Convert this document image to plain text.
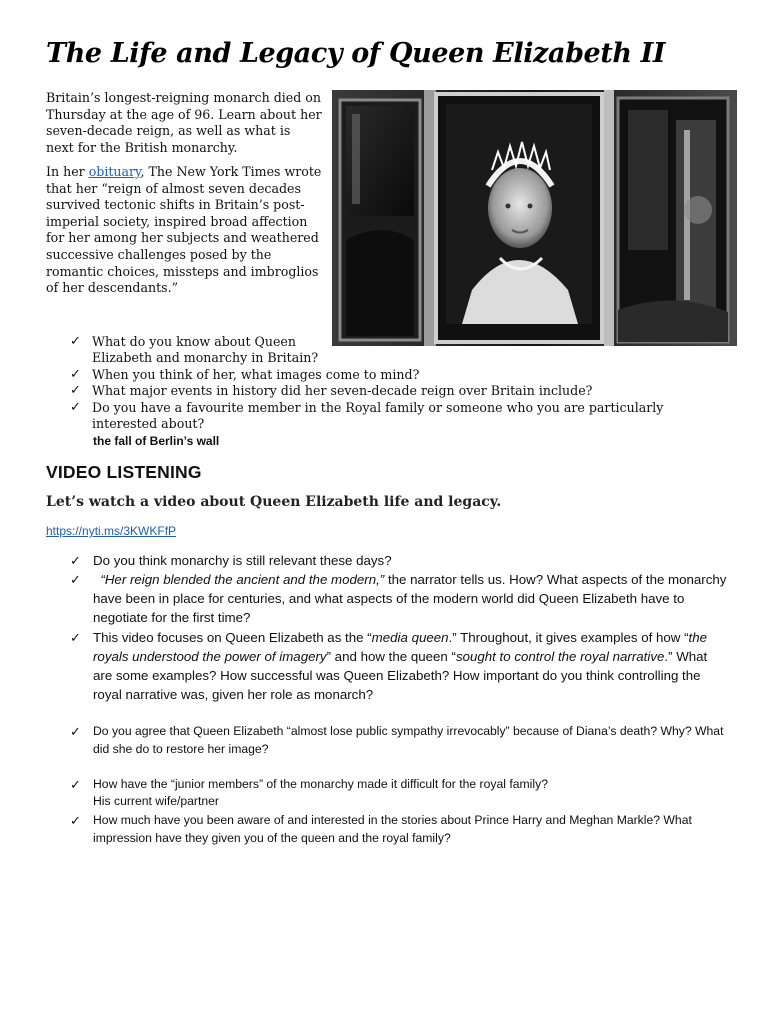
The Life and Legacy of Queen Elizabeth II

Britain’s longest-reigning monarch died on Thursday at the age of 96. Learn about her seven-decade reign, as well as what is next for the British monarchy.

In her obituary, The New York Times wrote that her “reign of almost seven decades survived tectonic shifts in Britain’s post-imperial society, inspired broad affection for her among her subjects and weathered successive challenges posed by the romantic choices, missteps and imbroglios of her descendants.”

✓ What do you know about Queen Elizabeth and monarchy in Britain?
✓ When you think of her, what images come to mind?
✓ What major events in history did her seven-decade reign over Britain include?
✓ Do you have a favourite member in the Royal family or someone who you are particularly interested about?
the fall of Berlin’s wall
VIDEO LISTENING
Let’s watch a video about Queen Elizabeth life and legacy.
https://nyti.ms/3KWKFfP
✓ Do you think monarchy is still relevant these days?
✓	“Her reign blended the ancient and the modern,” the narrator tells us. How? What aspects of the monarchy have been in place for centuries, and what aspects of the modern world did Queen Elizabeth have to negotiate for the first time?
✓ This video focuses on Queen Elizabeth as the “media queen.” Throughout, it gives examples of how “the royals understood the power of imagery” and how the queen “sought to control the royal narrative.” What are some examples? How successful was Queen Elizabeth? How important do you think controlling the royal narrative was, given her role as monarch?
✓ Do you agree that Queen Elizabeth “almost lose public sympathy irrevocably” because of Diana’s death? Why? What did she do to restore her image?
✓ How have the “junior members” of the monarchy made it difficult for the royal family?
His current wife/partner
✓ How much have you been aware of and interested in the stories about Prince Harry and Meghan Markle? What impression have they given you of the queen and the royal family?
